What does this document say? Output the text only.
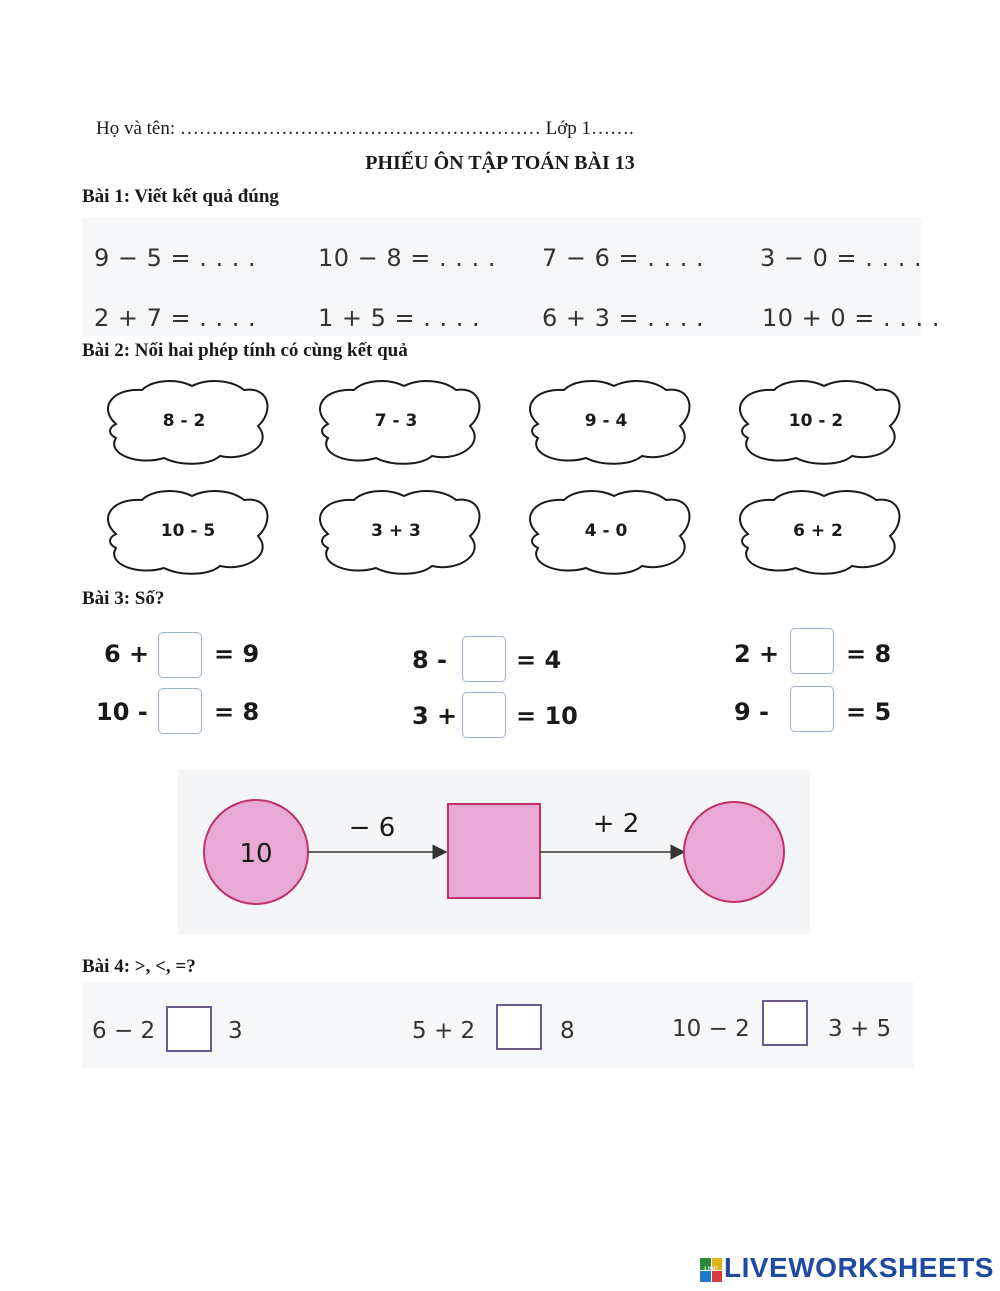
Họ và tên: ………………………………………………… Lớp 1…….
PHIẾU ÔN TẬP TOÁN BÀI 13
Bài 1: Viết kết quả đúng
9 − 5 = . . . .	10 − 8 = . . . . 7 − 6 = . . . . 3 − 0 = . . . .
2 + 7 = . . . .	1 + 5 = . . . .	6 + 3 = . . . . 10 + 0 = . . . .
Bài 2: Nối hai phép tính có cùng kết quả
8 - 2	7 - 3	9 - 4	10 - 2
10 - 5	3 + 3	4 - 0	6 + 2
Bài 3: Số?
6 +	= 9	8 -	= 4	2 +	= 8
10 -	= 8	3 + = 10	9 -	= 5
10
− 6	+ 2
Bài 4: >, <, =?
6 − 2	3	5 + 2	8	10 − 2	3 + 5
LIVE LIVEWORKSHEETS
